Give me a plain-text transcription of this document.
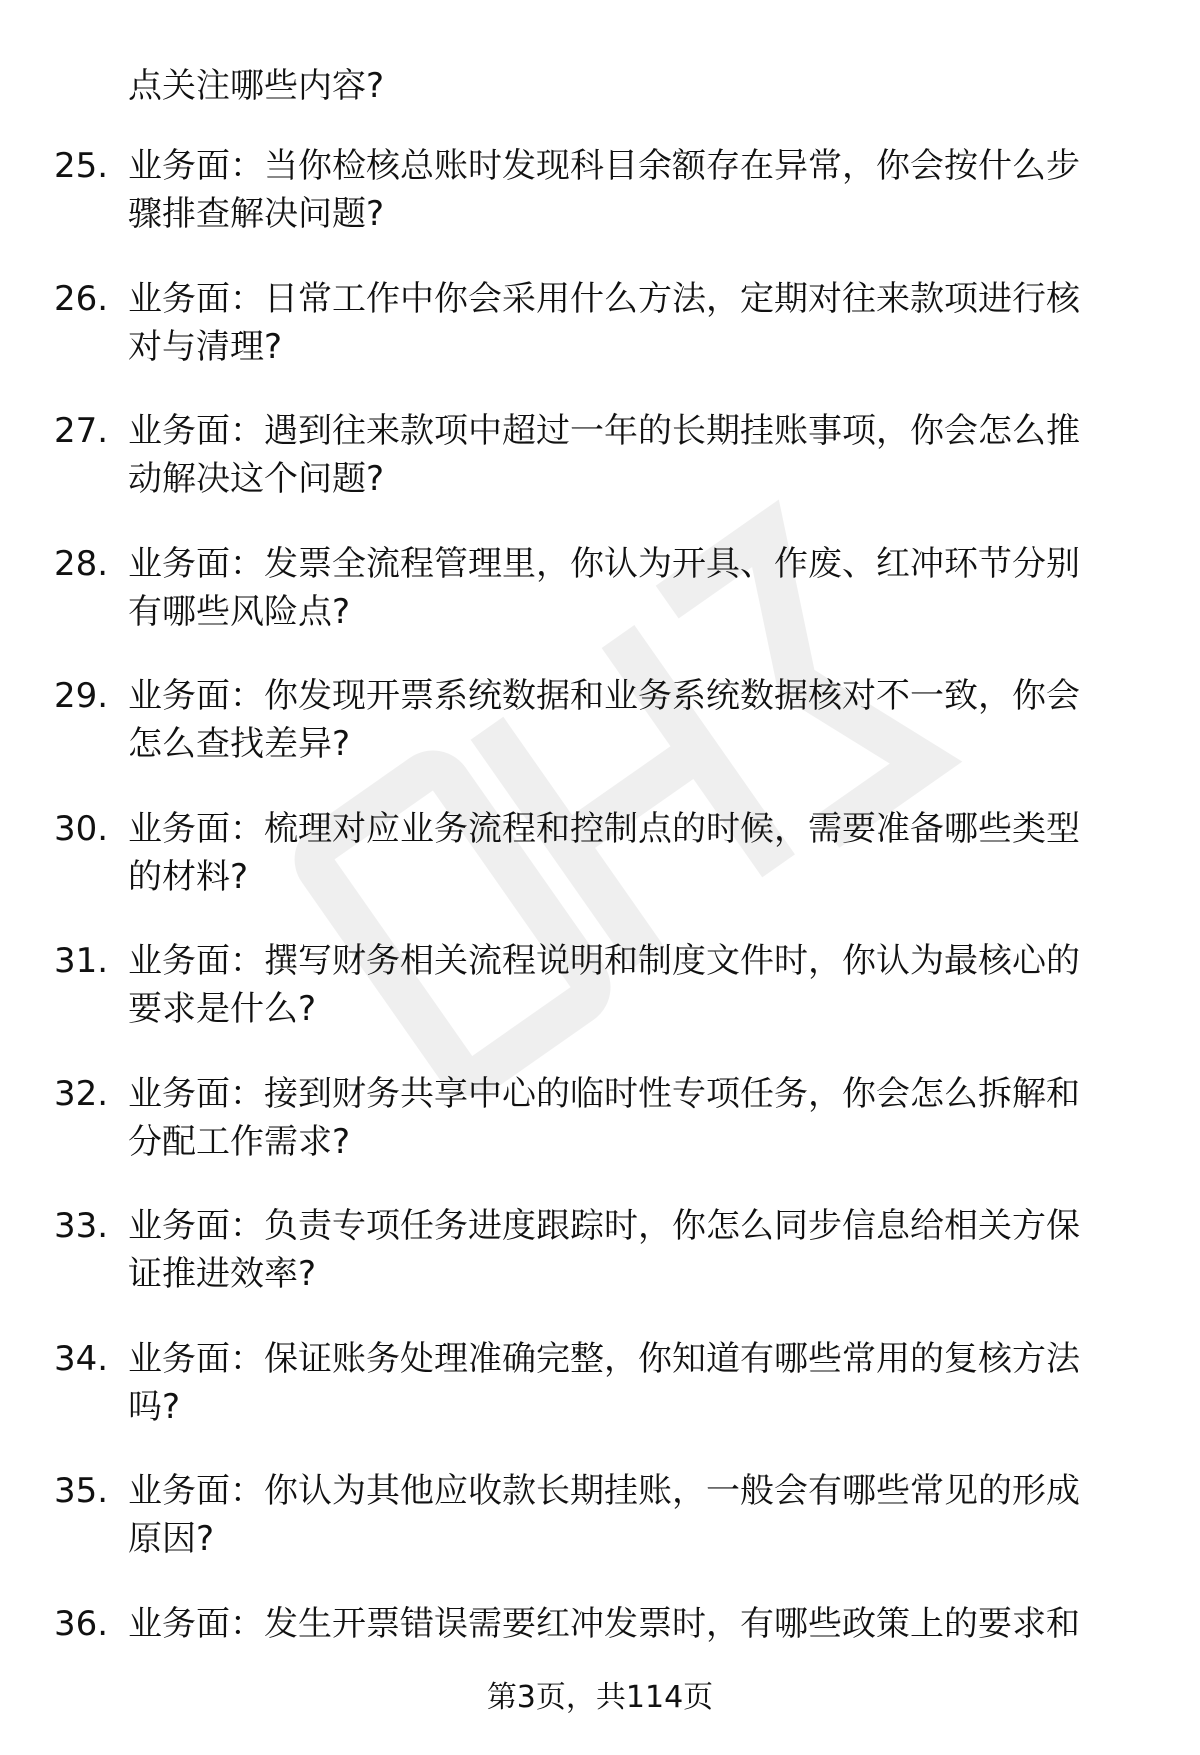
点关注哪些内容?
25. 业务面：当你检核总账时发现科目余额存在异常，你会按什么步
骤排查解决问题?
26. 业务面：日常工作中你会采用什么方法，定期对往来款项进行核
对与清理?
27. 业务面：遇到往来款项中超过一年的长期挂账事项，你会怎么推
动解决这个问题?
28. 业务面：发票全流程管理里，你认为开具、作废、红冲环节分别
有哪些风险点?
29. 业务面：你发现开票系统数据和业务系统数据核对不一致，你会
怎么查找差异?
30. 业务面：梳理对应业务流程和控制点的时候，需要准备哪些类型
的材料?
31. 业务面：撰写财务相关流程说明和制度文件时，你认为最核心的
要求是什么?
32. 业务面：接到财务共享中心的临时性专项任务，你会怎么拆解和
分配工作需求?
33. 业务面：负责专项任务进度跟踪时，你怎么同步信息给相关方保
证推进效率?
34. 业务面：保证账务处理准确完整，你知道有哪些常用的复核方法
吗?
35. 业务面：你认为其他应收款长期挂账，一般会有哪些常见的形成
原因?
36. 业务面：发生开票错误需要红冲发票时，有哪些政策上的要求和
第3页，共114页
